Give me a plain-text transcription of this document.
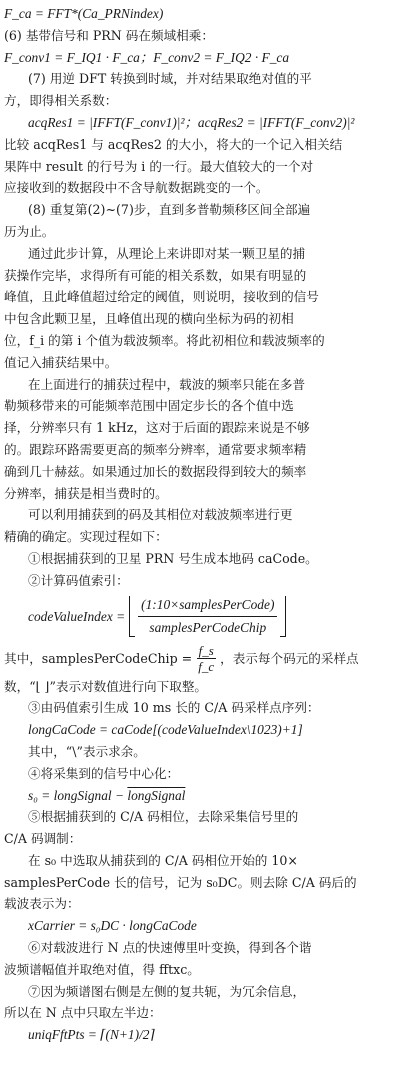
F_ca = FFT*(Ca_PRNindex)
(6) 基带信号和 PRN 码在频域相乘：
F_conv1 = F_IQ1 · F_ca；F_conv2 = F_IQ2 · F_ca
(7) 用逆 DFT 转换到时域，并对结果取绝对值的平
方，即得相关系数：
acqRes1 = |IFFT(F_conv1)|²；acqRes2 = |IFFT(F_conv2)|²
比较 acqRes1 与 acqRes2 的大小，将大的一个记入相关结
果阵中 result 的行号为 i 的一行。最大值较大的一个对
应接收到的数据段中不含导航数据跳变的一个。
(8) 重复第(2)~(7)步，直到多普勒频移区间全部遍
历为止。
通过此步计算，从理论上来讲即对某一颗卫星的捕
获操作完毕，求得所有可能的相关系数，如果有明显的
峰值，且此峰值超过给定的阈值，则说明，接收到的信号
中包含此颗卫星，且峰值出现的横向坐标为码的初相
位，f_i 的第 i 个值为载波频率。将此初相位和载波频率的
值记入捕获结果中。
在上面进行的捕获过程中，载波的频率只能在多普
勒频移带来的可能频率范围中固定步长的各个值中选
择，分辨率只有 1 kHz，这对于后面的跟踪来说是不够
的。跟踪环路需要更高的频率分辨率，通常要求频率精
确到几十赫兹。如果通过加长的数据段得到较大的频率
分辨率，捕获是相当费时的。
可以利用捕获到的码及其相位对载波频率进行更
精确的确定。实现过程如下：
①根据捕获到的卫星 PRN 号生成本地码 caCode。
②计算码值索引：
codeValueIndex = $\frac{\text{(1:10×samplesPerCode)}}{\text{samplesPerCodeChip}}$
其中，samplesPerCodeChip = $\frac{f\_s}{f\_c}$ ，表示每个码元的采样点
数，“⌊ ⌋”表示对数值进行向下取整。
③由码值索引生成 10 ms 长的 C/A 码采样点序列：
longCaCode = caCode[(codeValueIndex\1023)+1]
其中，“\”表示求余。
④将采集到的信号中心化：
s₀ = longSignal − longSignal
⑤根据捕获到的 C/A 码相位，去除采集信号里的
C/A 码调制：
在 s₀ 中选取从捕获到的 C/A 码相位开始的 10×
samplesPerCode 长的信号，记为 s₀DC。则去除 C/A 码后的
载波表示为：
xCarrier = s₀DC · longCaCode
⑥对载波进行 N 点的快速傅里叶变换，得到各个谐
波频谱幅值并取绝对值，得 fftxc。
⑦因为频谱图右侧是左侧的复共轭，为冗余信息，
所以在 N 点中只取左半边：
uniqFftPts = ⌈(N+1)/2⌉
